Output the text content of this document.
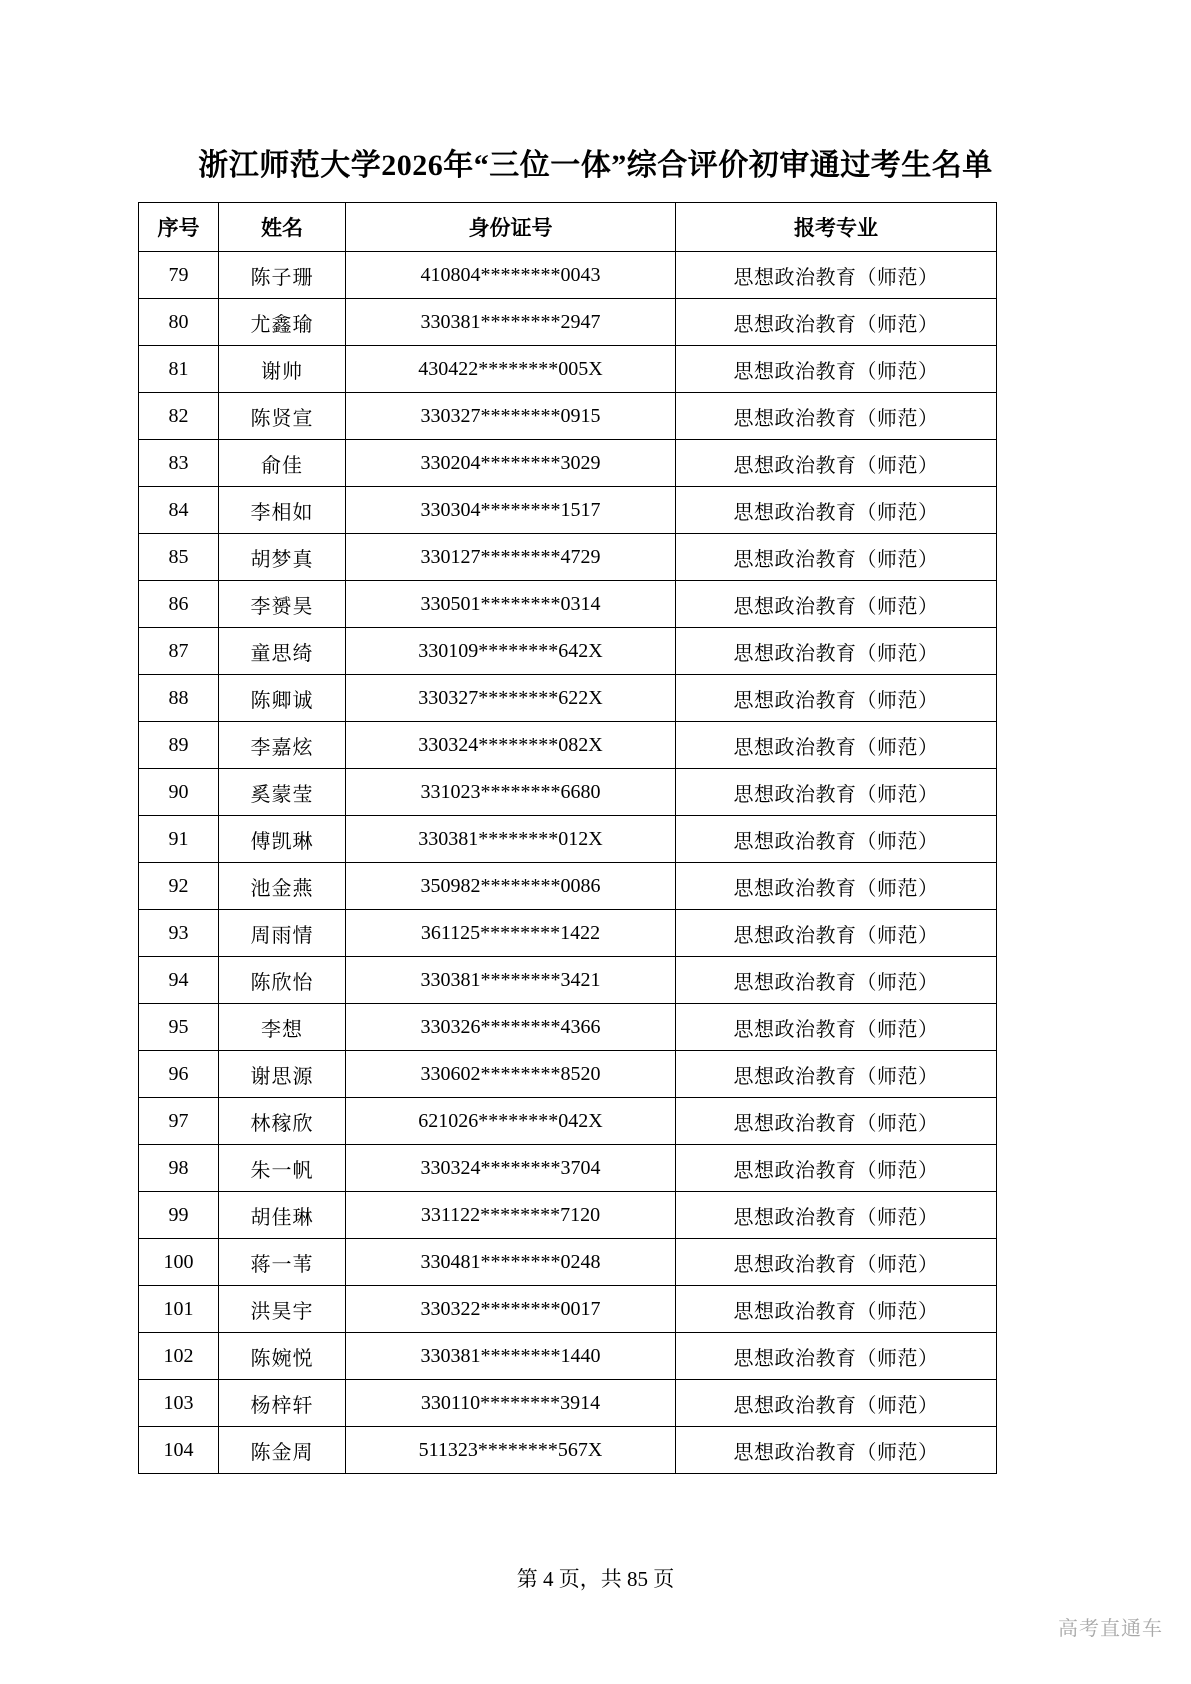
浙江师范大学2026年“三位一体”综合评价初审通过考生名单
序号	姓名	身份证号	报考专业
79	陈子珊	410804********0043	思想政治教育（师范）
80	尤鑫瑜	330381********2947	思想政治教育（师范）
81	谢帅	430422********005X	思想政治教育（师范）
82	陈贤宣	330327********0915	思想政治教育（师范）
83	俞佳	330204********3029	思想政治教育（师范）
84	李相如	330304********1517	思想政治教育（师范）
85	胡梦真	330127********4729	思想政治教育（师范）
86	李赟昊	330501********0314	思想政治教育（师范）
87	童思绮	330109********642X	思想政治教育（师范）
88	陈卿诚	330327********622X	思想政治教育（师范）
89	李嘉炫	330324********082X	思想政治教育（师范）
90	奚蒙莹	331023********6680	思想政治教育（师范）
91	傅凯琳	330381********012X	思想政治教育（师范）
92	池金燕	350982********0086	思想政治教育（师范）
93	周雨情	361125********1422	思想政治教育（师范）
94	陈欣怡	330381********3421	思想政治教育（师范）
95	李想	330326********4366	思想政治教育（师范）
96	谢思源	330602********8520	思想政治教育（师范）
97	林稼欣	621026********042X	思想政治教育（师范）
98	朱一帆	330324********3704	思想政治教育（师范）
99	胡佳琳	331122********7120	思想政治教育（师范）
100	蒋一苇	330481********0248	思想政治教育（师范）
101	洪昊宇	330322********0017	思想政治教育（师范）
102	陈婉悦	330381********1440	思想政治教育（师范）
103	杨梓轩	330110********3914	思想政治教育（师范）
104	陈金周	511323********567X	思想政治教育（师范）
第 4 页，共 85 页
高考直通车
